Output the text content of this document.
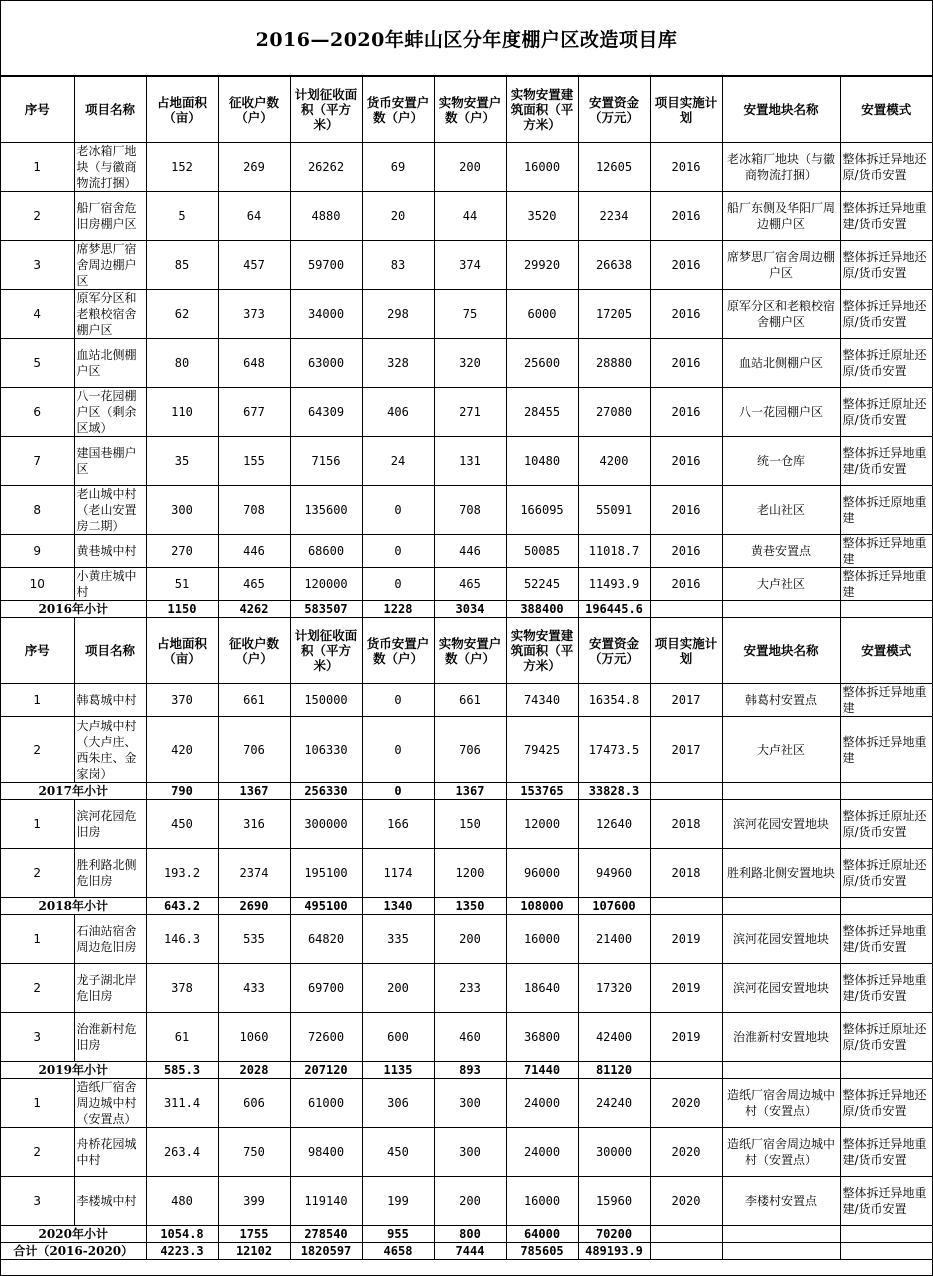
2016—2020年蚌山区分年度棚户区改造项目库
序号	项目名称	占地面积（亩）	征收户数（户）	计划征收面积（平方米）	货币安置户数（户）	实物安置户数（户）	实物安置建筑面积（平方米）	安置资金（万元）	项目实施计划	安置地块名称	安置模式
1	老冰箱厂地块（与徽商物流打捆）	152	269	26262	69	200	16000	12605	2016	老冰箱厂地块（与徽商物流打捆）	整体拆迁异地还原/货币安置
2	船厂宿舍危旧房棚户区	5	64	4880	20	44	3520	2234	2016	船厂东侧及华阳厂周边棚户区	整体拆迁异地重建/货币安置
3	席梦思厂宿舍周边棚户区	85	457	59700	83	374	29920	26638	2016	席梦思厂宿舍周边棚户区	整体拆迁异地还原/货币安置
4	原军分区和老粮校宿舍棚户区	62	373	34000	298	75	6000	17205	2016	原军分区和老粮校宿舍棚户区	整体拆迁异地还原/货币安置
5	血站北侧棚户区	80	648	63000	328	320	25600	28880	2016	血站北侧棚户区	整体拆迁原址还原/货币安置
6	八一花园棚户区（剩余区域）	110	677	64309	406	271	28455	27080	2016	八一花园棚户区	整体拆迁原址还原/货币安置
7	建国巷棚户区	35	155	7156	24	131	10480	4200	2016	统一仓库	整体拆迁异地重建/货币安置
8	老山城中村（老山安置房二期）	300	708	135600	0	708	166095	55091	2016	老山社区	整体拆迁原地重建
9	黄巷城中村	270	446	68600	0	446	50085	11018.7	2016	黄巷安置点	整体拆迁异地重建
10	小黄庄城中村	51	465	120000	0	465	52245	11493.9	2016	大卢社区	整体拆迁异地重建
2016年小计		1150	4262	583507	1228	3034	388400	196445.6			
序号	项目名称	占地面积（亩）	征收户数（户）	计划征收面积（平方米）	货币安置户数（户）	实物安置户数（户）	实物安置建筑面积（平方米）	安置资金（万元）	项目实施计划	安置地块名称	安置模式
1	韩葛城中村	370	661	150000	0	661	74340	16354.8	2017	韩葛村安置点	整体拆迁异地重建
2	大卢城中村（大卢庄、西朱庄、金家岗）	420	706	106330	0	706	79425	17473.5	2017	大卢社区	整体拆迁异地重建
2017年小计		790	1367	256330	0	1367	153765	33828.3			
1	滨河花园危旧房	450	316	300000	166	150	12000	12640	2018	滨河花园安置地块	整体拆迁原址还原/货币安置
2	胜利路北侧危旧房	193.2	2374	195100	1174	1200	96000	94960	2018	胜利路北侧安置地块	整体拆迁原址还原/货币安置
2018年小计		643.2	2690	495100	1340	1350	108000	107600			
1	石油站宿舍周边危旧房	146.3	535	64820	335	200	16000	21400	2019	滨河花园安置地块	整体拆迁异地重建/货币安置
2	龙子湖北岸危旧房	378	433	69700	200	233	18640	17320	2019	滨河花园安置地块	整体拆迁异地重建/货币安置
3	治淮新村危旧房	61	1060	72600	600	460	36800	42400	2019	治淮新村安置地块	整体拆迁原址还原/货币安置
2019年小计		585.3	2028	207120	1135	893	71440	81120			
1	造纸厂宿舍周边城中村（安置点）	311.4	606	61000	306	300	24000	24240	2020	造纸厂宿舍周边城中村（安置点）	整体拆迁异地还原/货币安置
2	舟桥花园城中村	263.4	750	98400	450	300	24000	30000	2020	造纸厂宿舍周边城中村（安置点）	整体拆迁异地重建/货币安置
3	李楼城中村	480	399	119140	199	200	16000	15960	2020	李楼村安置点	整体拆迁异地重建/货币安置
2020年小计		1054.8	1755	278540	955	800	64000	70200			
合计（2016-2020）		4223.3	12102	1820597	4658	7444	785605	489193.9			
